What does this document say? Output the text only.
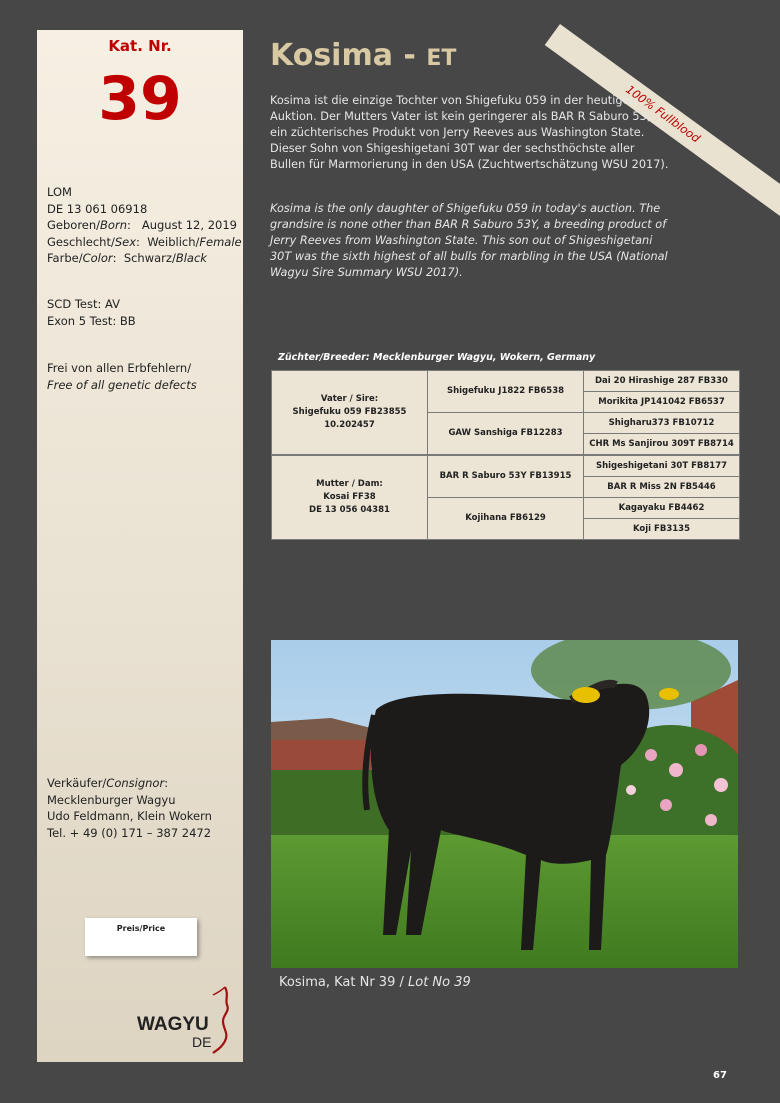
100% Fullblood
Kat. Nr.
39
LOM
DE 13 061 06918
Geboren/Born:   August 12, 2019
Geschlecht/Sex:  Weiblich/Female
Farbe/Color:  Schwarz/Black
SCD Test: AV
Exon 5 Test: BB
Frei von allen Erbfehlern/
Free of all genetic defects
Verkäufer/Consignor:
Mecklenburger Wagyu
Udo Feldmann, Klein Wokern
Tel. + 49 (0) 171 – 387 2472
Preis/Price
WAGYU
DE
Kosima - ET
Kosima ist die einzige Tochter von Shigefuku 059 in der heutigen Auktion. Der Mutters Vater ist kein geringerer als BAR R Saburo 53, ein züchterisches Produkt von Jerry Reeves aus Washington State. Dieser Sohn von Shigeshigetani 30T war der sechsthöchste aller Bullen für Marmorierung in den USA (Zuchtwertschätzung WSU 2017).
Kosima is the only daughter of Shigefuku 059 in today's auction. The grandsire is none other than BAR R Saburo 53Y, a breeding product of Jerry Reeves from Washington State. This son out of Shigeshigetani 30T was the sixth highest of all bulls for marbling in the USA (National Wagyu Sire Summary WSU 2017).
Züchter/Breeder: Mecklenburger Wagyu, Wokern, Germany
Vater / Sire:
Shigefuku 059 FB23855
10.202457
Mutter / Dam:
Kosai FF38
DE 13 056 04381
Shigefuku J1822 FB6538
GAW Sanshiga FB12283
BAR R Saburo 53Y FB13915
Kojihana FB6129
Dai 20 Hirashige 287 FB330
Morikita JP141042 FB6537
Shigharu373 FB10712
CHR Ms Sanjirou 309T FB8714
Shigeshigetani 30T FB8177
BAR R Miss 2N FB5446
Kagayaku FB4462
Koji FB3135
Kosima, Kat Nr 39 / Lot No 39
67
